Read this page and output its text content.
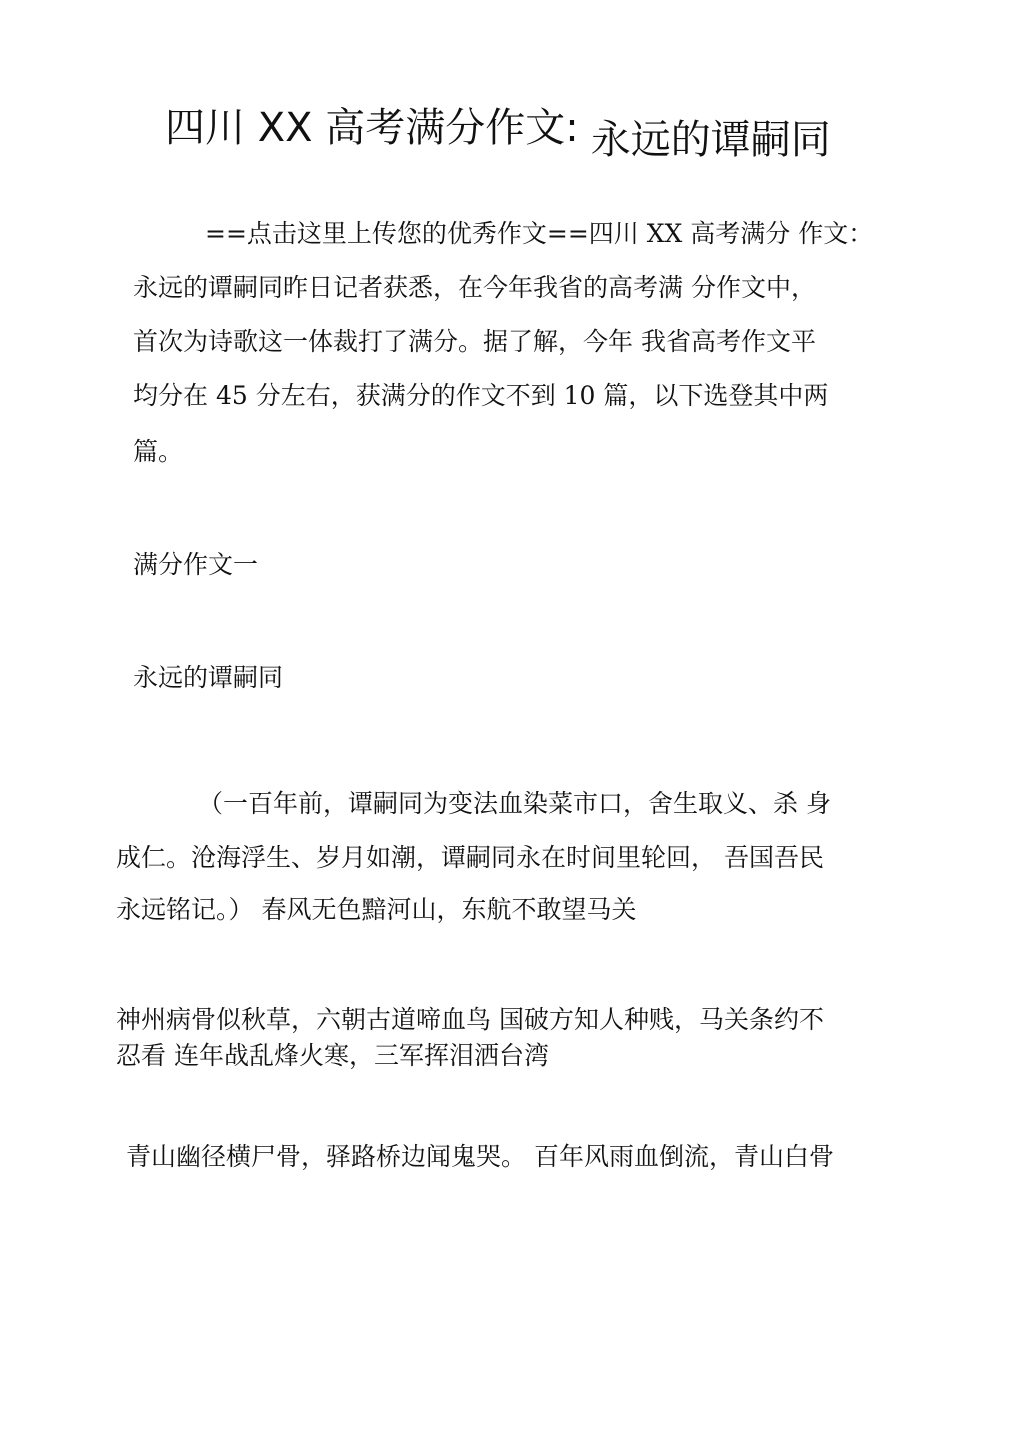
四川 XX 高考满分作文: 永远的谭嗣同
==点击这里上传您的优秀作文==四川 XX 高考满分 作文：
永远的谭嗣同昨日记者获悉，在今年我省的高考满 分作文中，
首次为诗歌这一体裁打了满分。据了解，今年 我省高考作文平
均分在 45 分左右，获满分的作文不到 10 篇，以下选登其中两
篇。
满分作文一
永远的谭嗣同
（一百年前，谭嗣同为变法血染菜市口，舍生取义、杀 身
成仁。沧海浮生、岁月如潮，谭嗣同永在时间里轮回， 吾国吾民
永远铭记。） 春风无色黯河山，东航不敢望马关
神州病骨似秋草，六朝古道啼血鸟 国破方知人种贱，马关条约不
忍看 连年战乱烽火寒，三军挥泪洒台湾
青山幽径横尸骨，驿路桥边闻鬼哭。 百年风雨血倒流，青山白骨
